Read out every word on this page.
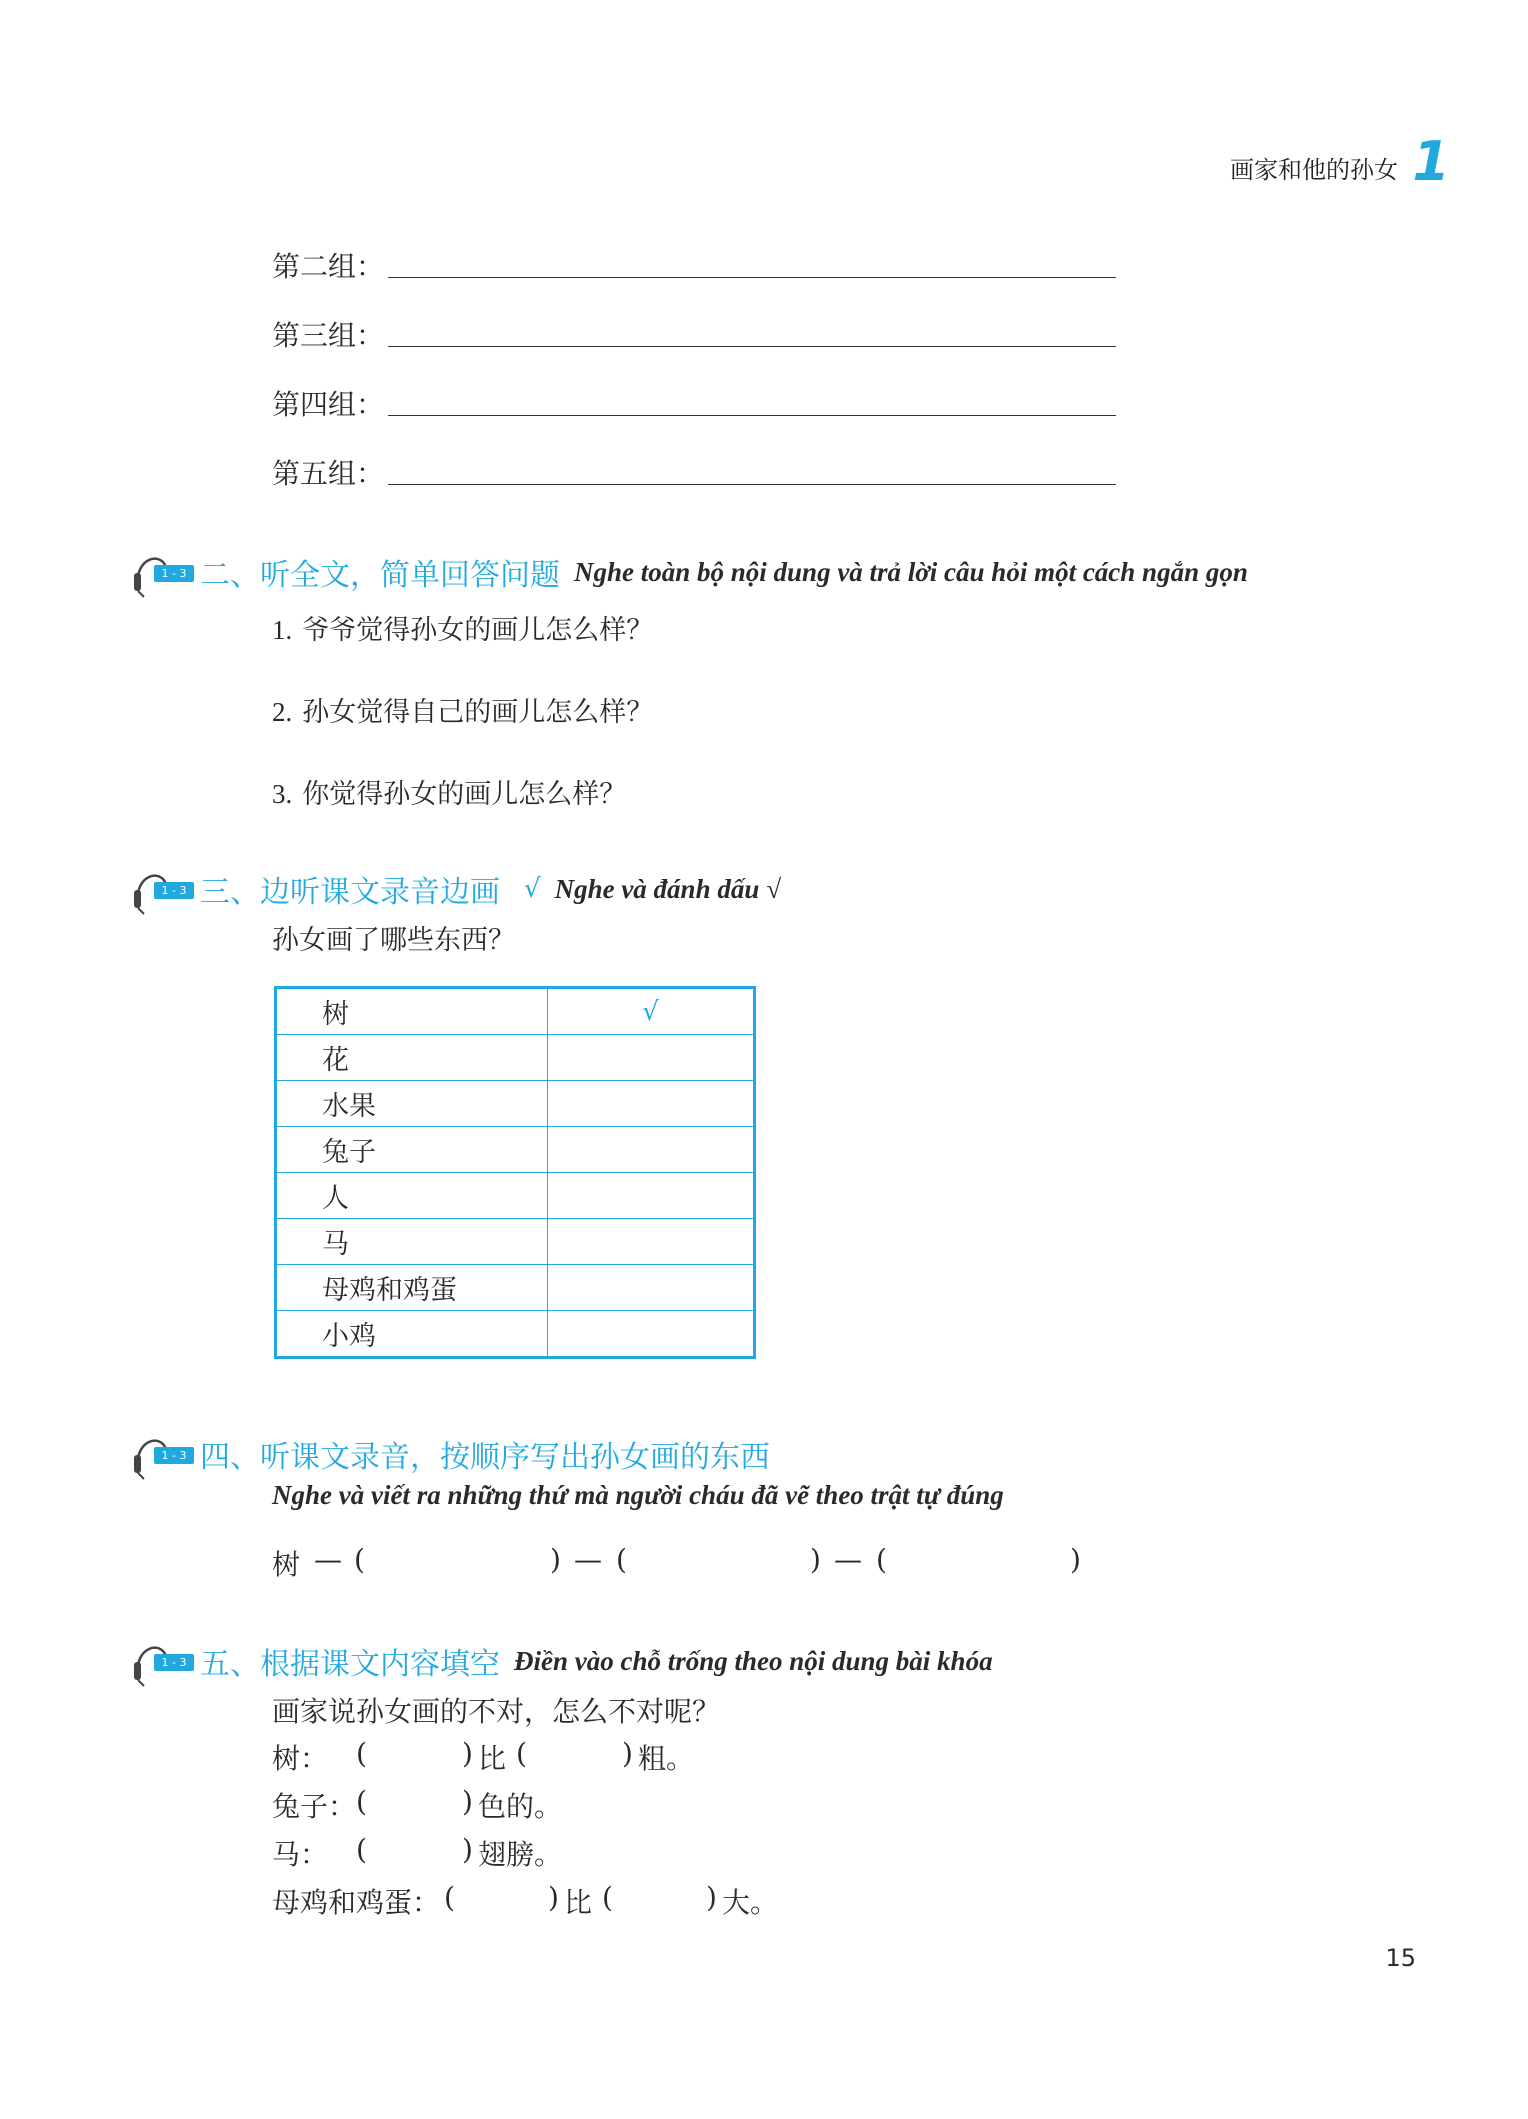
画家和他的孙女 1
第二组：
第三组：
第四组：
第五组：
1 - 3 二、听全文，简单回答问题 Nghe toàn bộ nội dung và trả lời câu hỏi một cách ngắn gọn
1. 爷爷觉得孙女的画儿怎么样？
2. 孙女觉得自己的画儿怎么样？
3. 你觉得孙女的画儿怎么样？
1 - 3 三、边听课文录音边画 √ Nghe và đánh dấu √
孙女画了哪些东西？
树	√
花	
水果	
兔子	
人	
马	
母鸡和鸡蛋	
小鸡	
1 - 3 四、听课文录音，按顺序写出孙女画的东西
Nghe và viết ra những thứ mà người cháu đã vẽ theo trật tự đúng
树 — (	) — (	) — (	)
1 - 3 五、根据课文内容填空 Điền vào chỗ trống theo nội dung bài khóa
画家说孙女画的不对，怎么不对呢？
树： (	) 比 (	) 粗。
兔子： (	) 色的。
马： (	) 翅膀。
母鸡和鸡蛋： (	) 比 (	) 大。
15
